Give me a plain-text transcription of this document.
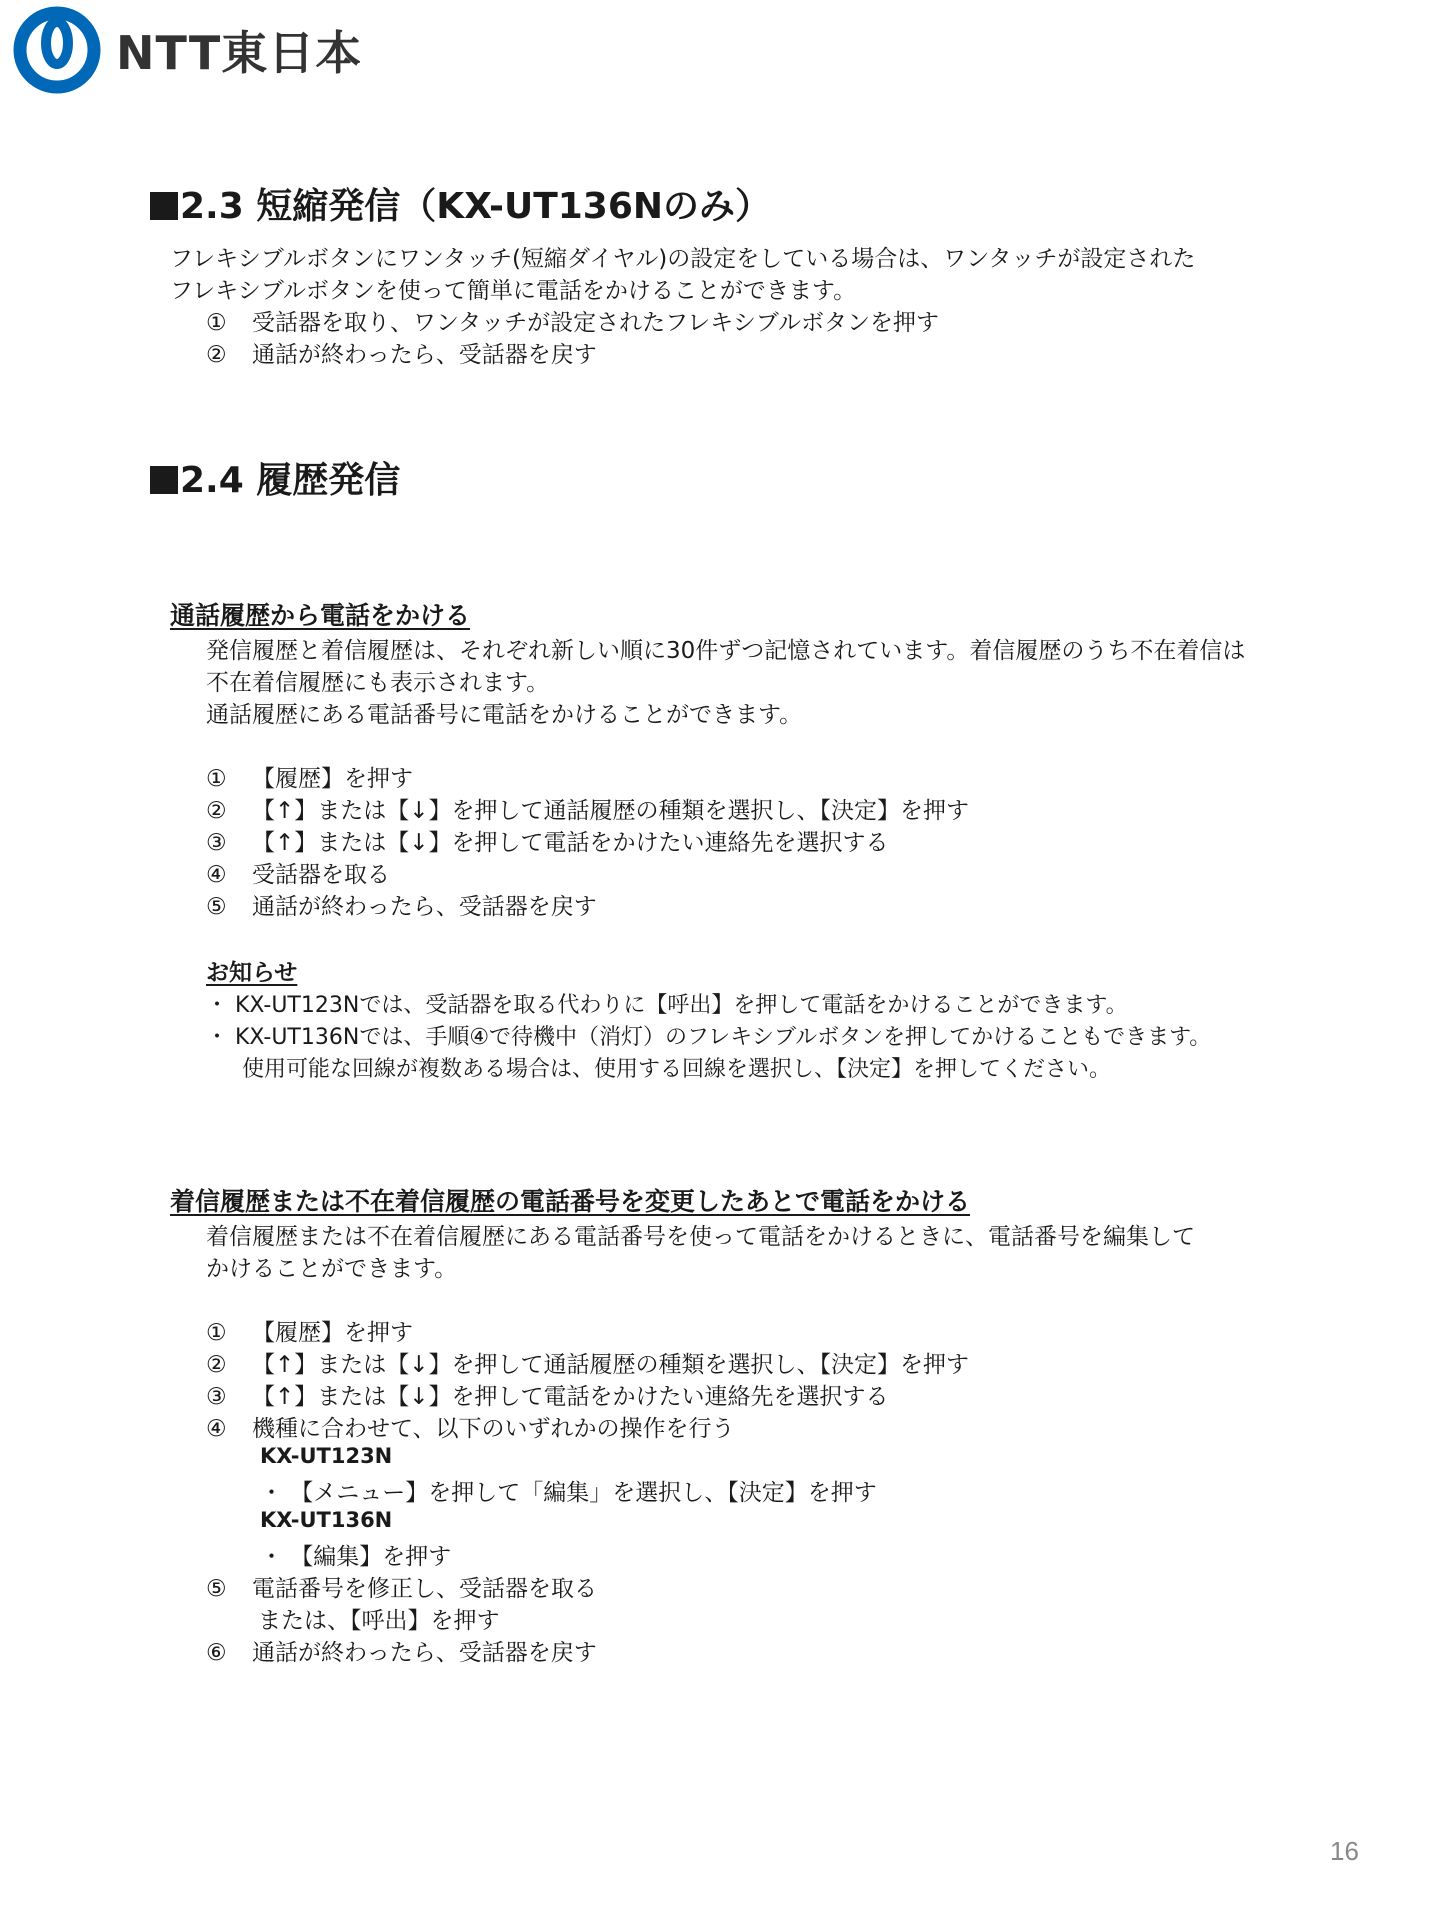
NTT東日本
2.3 短縮発信（KX-UT136Nのみ）
フレキシブルボタンにワンタッチ(短縮ダイヤル)の設定をしている場合は、ワンタッチが設定された
フレキシブルボタンを使って簡単に電話をかけることができます。
① 受話器を取り、ワンタッチが設定されたフレキシブルボタンを押す
② 通話が終わったら、受話器を戻す
2.4 履歴発信
通話履歴から電話をかける
発信履歴と着信履歴は、それぞれ新しい順に30件ずつ記憶されています。着信履歴のうち不在着信は
不在着信履歴にも表示されます。
通話履歴にある電話番号に電話をかけることができます。
① 【履歴】を押す
② 【↑】または【↓】を押して通話履歴の種類を選択し、【決定】を押す
③ 【↑】または【↓】を押して電話をかけたい連絡先を選択する
④ 受話器を取る
⑤ 通話が終わったら、受話器を戻す
お知らせ
・ KX-UT123Nでは、受話器を取る代わりに【呼出】を押して電話をかけることができます。
・ KX-UT136Nでは、手順④で待機中（消灯）のフレキシブルボタンを押してかけることもできます。
使用可能な回線が複数ある場合は、使用する回線を選択し、【決定】を押してください。
着信履歴または不在着信履歴の電話番号を変更したあとで電話をかける
着信履歴または不在着信履歴にある電話番号を使って電話をかけるときに、電話番号を編集して
かけることができます。
① 【履歴】を押す
② 【↑】または【↓】を押して通話履歴の種類を選択し、【決定】を押す
③ 【↑】または【↓】を押して電話をかけたい連絡先を選択する
④ 機種に合わせて、以下のいずれかの操作を行う
KX-UT123N
・ 【メニュー】を押して「編集」を選択し、【決定】を押す
KX-UT136N
・ 【編集】を押す
⑤ 電話番号を修正し、受話器を取る
または、【呼出】を押す
⑥ 通話が終わったら、受話器を戻す
16
